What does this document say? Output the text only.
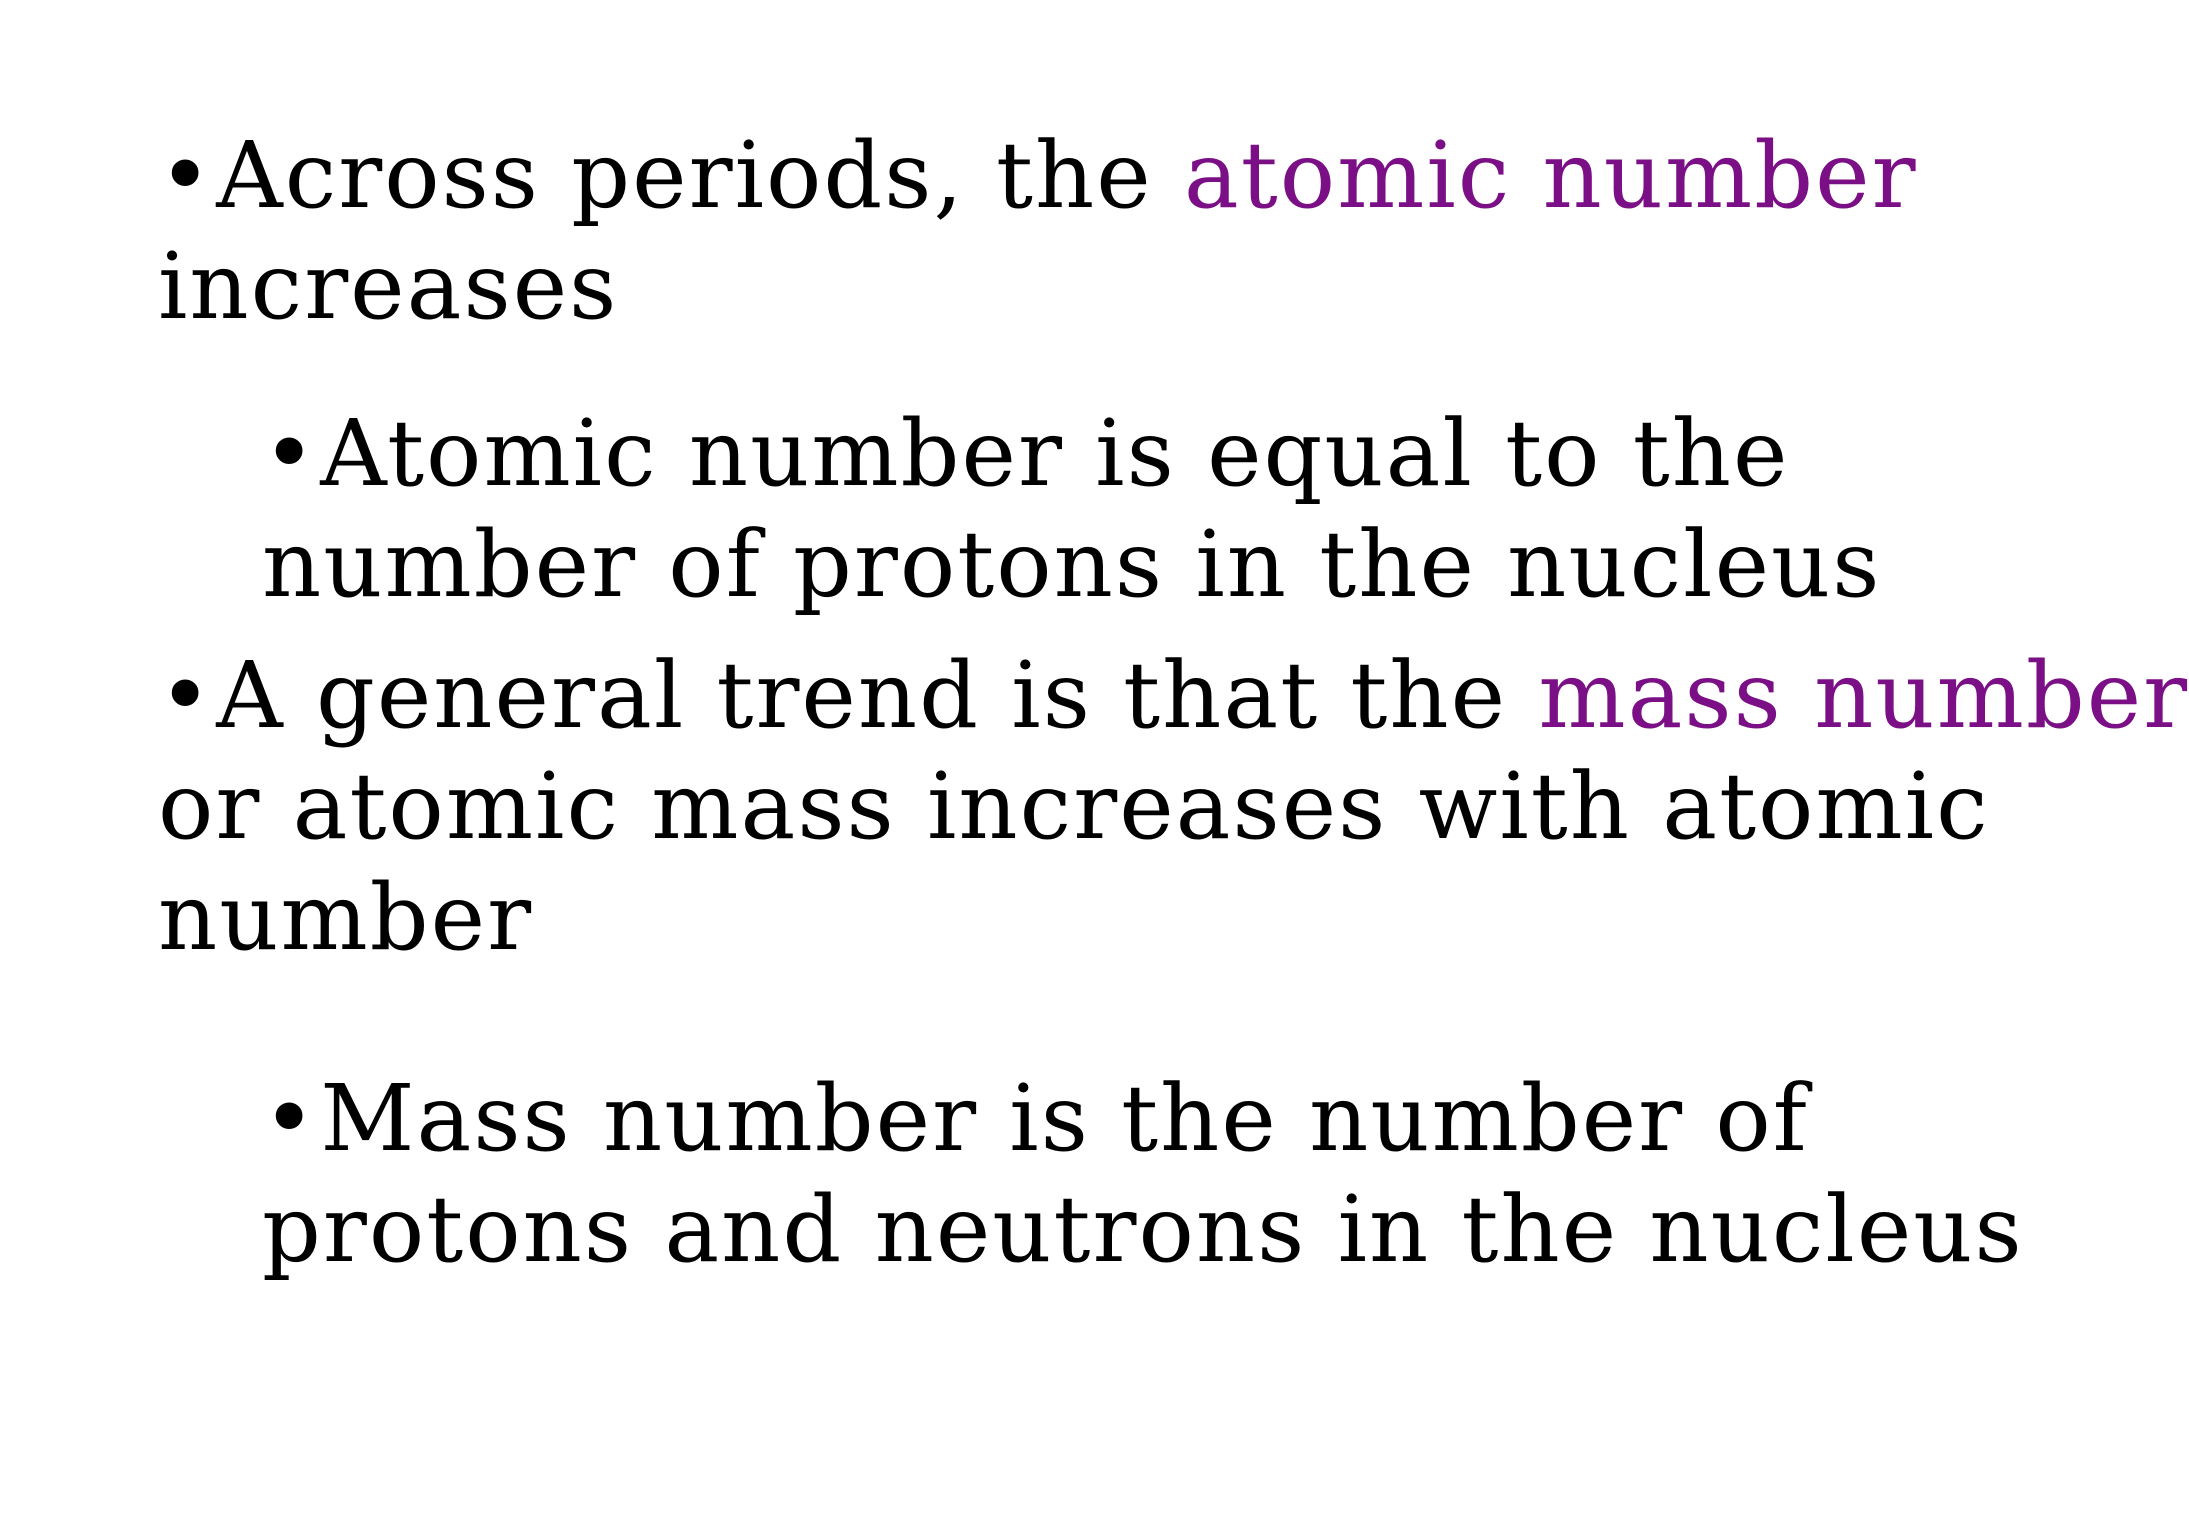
•Across periods, the atomic number
increases
•Atomic number is equal to the
number of protons in the nucleus
•A general trend is that the mass number
or atomic mass increases with atomic
number
•Mass number is the number of
protons and neutrons in the nucleus
